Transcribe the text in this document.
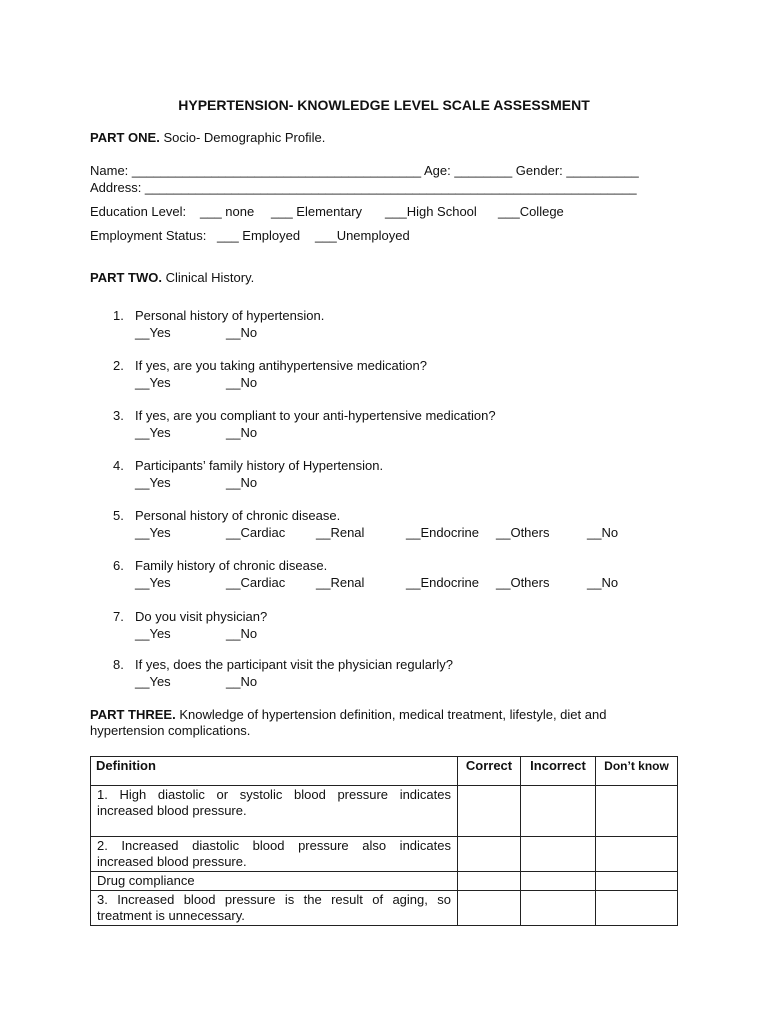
HYPERTENSION- KNOWLEDGE LEVEL SCALE ASSESSMENT
PART ONE. Socio- Demographic Profile.
Name: ________________________________________ Age: ________ Gender: __________
Address: ____________________________________________________________________
Education Level: ___ none ___ Elementary ___High School ___College
Employment Status: ___ Employed ___Unemployed
PART TWO. Clinical History.
1. Personal history of hypertension.
__Yes	__No
2. If yes, are you taking antihypertensive medication?
__Yes	__No
3. If yes, are you compliant to your anti-hypertensive medication?
__Yes	__No
4. Participants’ family history of Hypertension.
__Yes	__No
5. Personal history of chronic disease.
__Yes	__Cardiac __Renal	__Endocrine __Others	__No
6. Family history of chronic disease.
__Yes	__Cardiac __Renal	__Endocrine __Others	__No
7. Do you visit physician?
__Yes	__No
8. If yes, does the participant visit the physician regularly?
__Yes	__No
PART THREE. Knowledge of hypertension definition, medical treatment, lifestyle, diet and
hypertension complications.
Definition	Correct	Incorrect	Don’t know
1. High diastolic or systolic blood pressure indicates increased blood pressure.			
2. Increased diastolic blood pressure also indicates increased blood pressure.			
Drug compliance			
3. Increased blood pressure is the result of aging, so treatment is unnecessary.			
